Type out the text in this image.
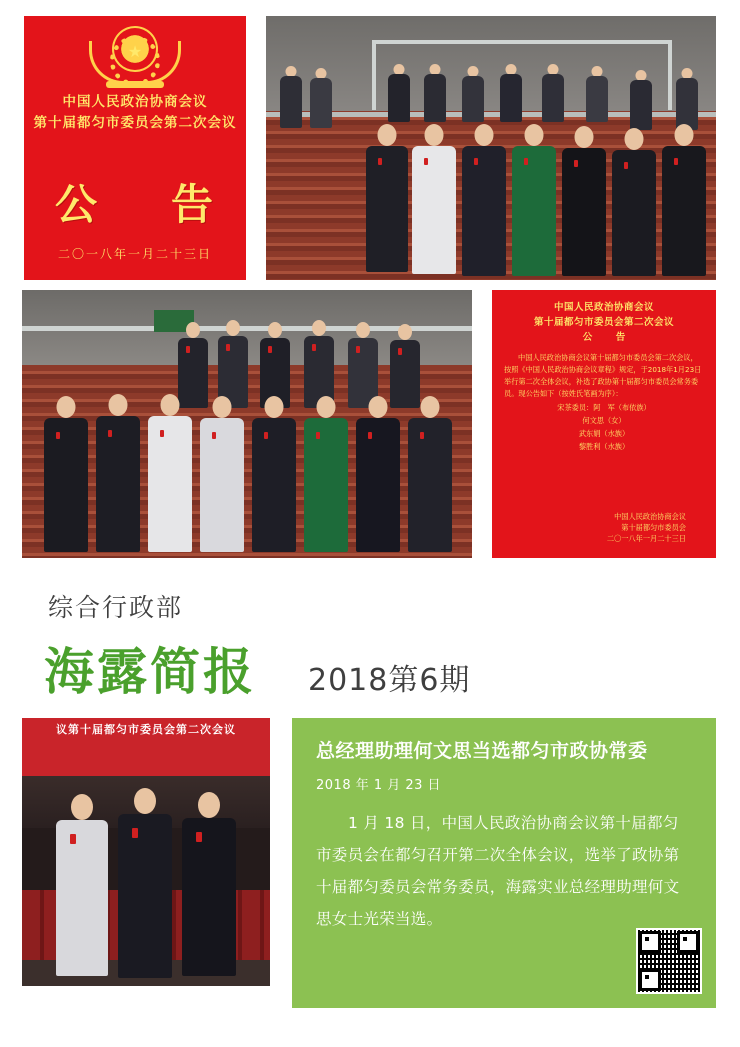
★
中国人民政治协商会议
第十届都匀市委员会第二次会议
公　告
二〇一八年一月二十三日
中国人民政治协商会议
第十届都匀市委员会第二次会议
公　告

中国人民政治协商会议第十届都匀市委员会第二次会议，按照《中国人民政治协商会议章程》规定，于2018年1月23日举行第二次全体会议，补选了政协第十届都匀市委员会常务委员。现公告如下（按姓氏笔画为序）：

宋茶委员：阿　军（布依族）

何文思（女）

武东娟（水族）

黎胜利（水族）

中国人民政治协商会议

第十届都匀市委员会

二〇一八年一月二十三日

综合行政部
海露简报 2018第6期
议第十届都匀市委员会第二次会议
总经理助理何文思当选都匀市政协常委
2018 年 1 月 23 日
1 月 18 日，中国人民政治协商会议第十届都匀市委员会在都匀召开第二次全体会议，选举了政协第十届都匀委员会常务委员，海露实业总经理助理何文思女士光荣当选。
